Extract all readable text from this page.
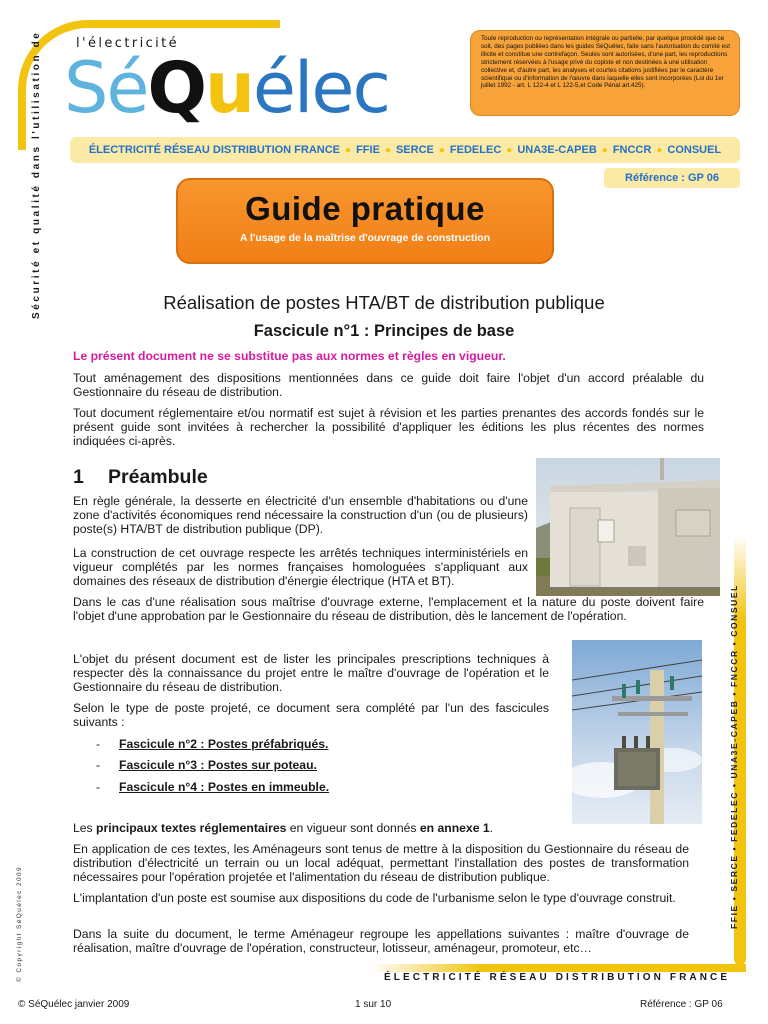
Sécurité et qualité dans l'utilisation de
© Copyright SéQuélec 2009	FFIE • SERCE • FEDELEC • UNA3E-CAPEB • FNCCR • CONSUEL
l'électricité
SéQuélec
Toute reproduction ou représentation intégrale ou partielle, par quelque procédé que ce soit, des pages publiées dans les guides SéQuélec, faite sans l'autorisation du comité est illicite et constitue une contrefaçon. Seules sont autorisées, d'une part, les reproductions strictement réservées à l'usage privé du copiste et non destinées à une utilisation collective et, d'autre part, les analyses et courtes citations justifiées par le caractère scientifique ou d'information de l'œuvre dans laquelle elles sont incorporées (Loi du 1er juillet 1992 - art. L 122-4 et L 122-5,et Code Pénal art.425).
ÉLECTRICITÉ RÉSEAU DISTRIBUTION FRANCE ● FFIE ● SERCE ● FEDELEC ● UNA3E-CAPEB ● FNCCR ● CONSUEL
Référence : GP 06
Guide pratique
A l'usage de la maîtrise d'ouvrage de construction
Réalisation de postes HTA/BT de distribution publique
Fascicule n°1 : Principes de base
Le présent document ne se substitue pas aux normes et règles en vigueur.
Tout aménagement des dispositions mentionnées dans ce guide doit faire l'objet d'un accord préalable du Gestionnaire du réseau de distribution.
Tout document réglementaire et/ou normatif est sujet à révision et les parties prenantes des accords fondés sur le présent guide sont invitées à rechercher la possibilité d'appliquer les éditions les plus récentes des normes indiquées ci-après.
1 Préambule
En règle générale, la desserte en électricité d'un ensemble d'habitations ou d'une zone d'activités économiques rend nécessaire la construction d'un (ou de plusieurs) poste(s) HTA/BT de distribution publique (DP).
La construction de cet ouvrage respecte les arrêtés techniques interministériels en vigueur complétés par les normes françaises homologuées s'appliquant aux domaines des réseaux de distribution d'énergie électrique (HTA et BT).
Dans le cas d'une réalisation sous maîtrise d'ouvrage externe, l'emplacement et la nature du poste doivent faire l'objet d'une approbation par le Gestionnaire du réseau de distribution, dès le lancement de l'opération.
L'objet du présent document est de lister les principales prescriptions techniques à respecter dès la connaissance du projet entre le maître d'ouvrage de l'opération et le Gestionnaire du réseau de distribution.
Selon le type de poste projeté, ce document sera complété par l'un des fascicules suivants :
- Fascicule n°2 : Postes préfabriqués.
- Fascicule n°3 : Postes sur poteau.
- Fascicule n°4 : Postes en immeuble.
Les principaux textes réglementaires en vigueur sont donnés en annexe 1.
En application de ces textes, les Aménageurs sont tenus de mettre à la disposition du Gestionnaire du réseau de distribution d'électricité un terrain ou un local adéquat, permettant l'installation des postes de transformation nécessaires pour l'opération projetée et l'alimentation du réseau de distribution publique.
L'implantation d'un poste est soumise aux dispositions du code de l'urbanisme selon le type d'ouvrage construit.
Dans la suite du document, le terme Aménageur regroupe les appellations suivantes : maître d'ouvrage de réalisation, maître d'ouvrage de l'opération, constructeur, lotisseur, aménageur, promoteur, etc…
ÉLECTRICITÉ RÉSEAU DISTRIBUTION FRANCE
© SéQuélec janvier 2009	1 sur 10	Référence : GP 06
